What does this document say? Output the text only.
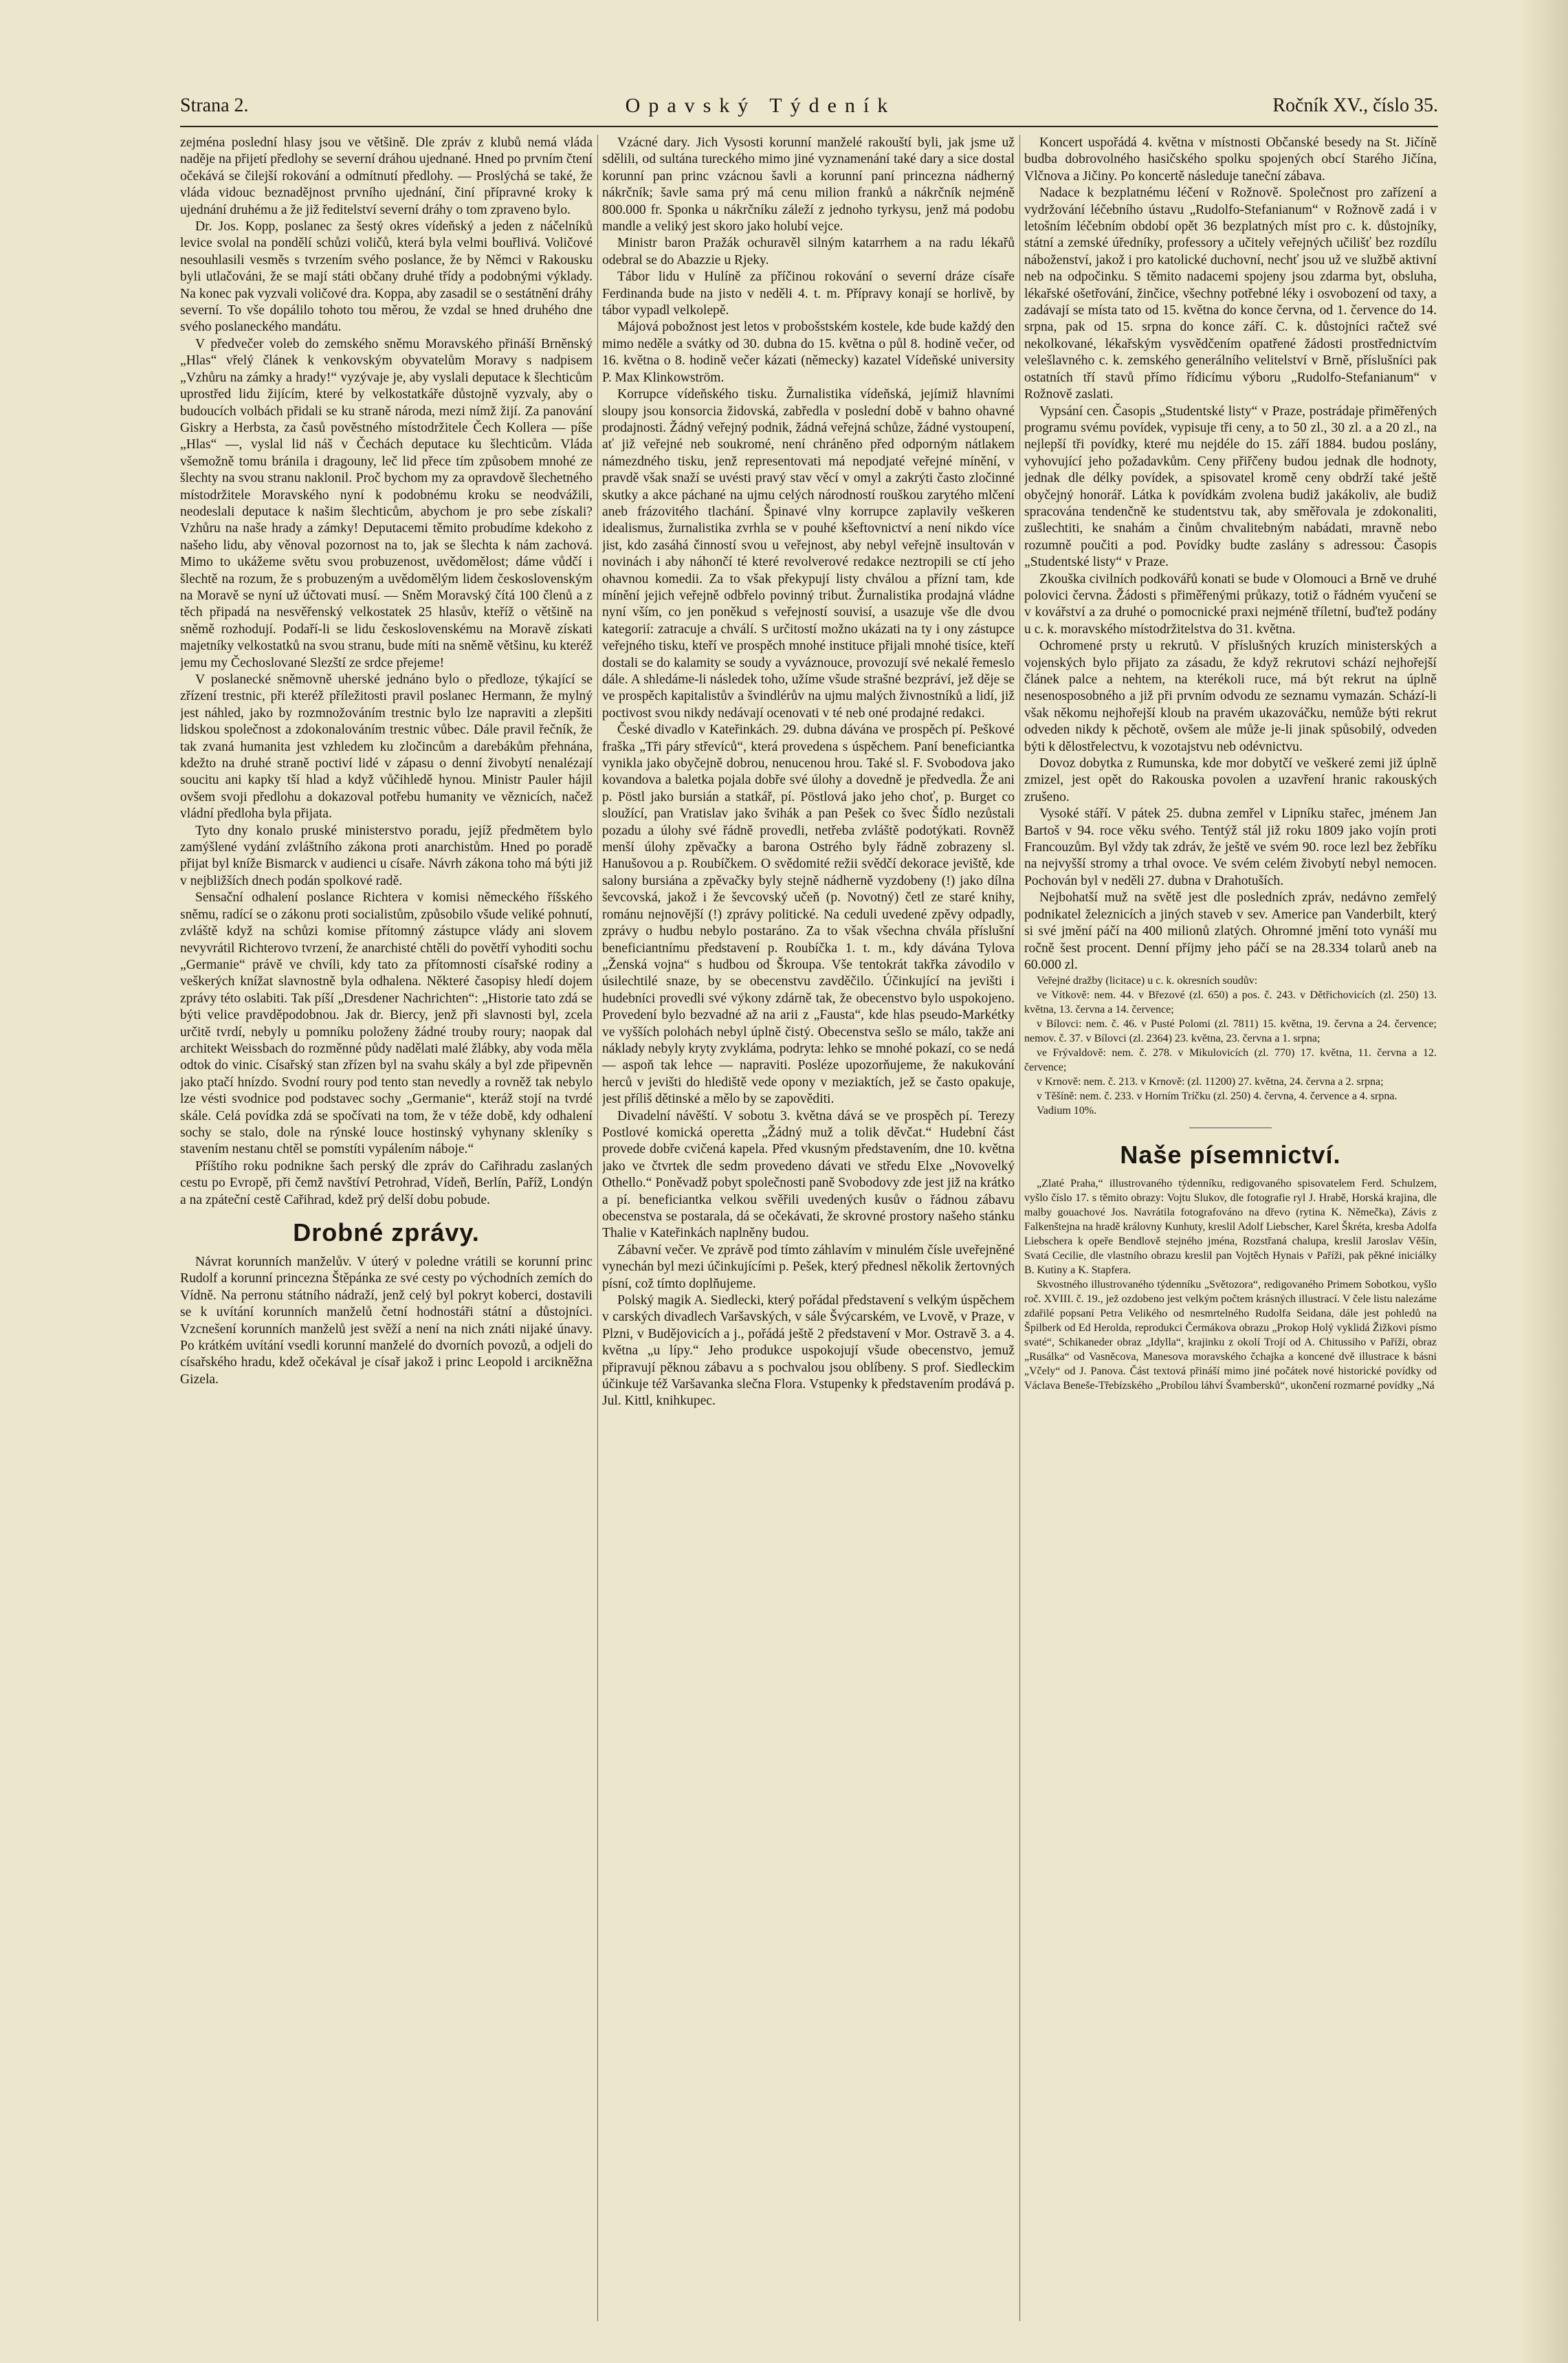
Strana 2.	Opavský Týdeník	Ročník XV., číslo 35.

zejména poslední hlasy jsou ve většině. Dle zpráv z klubů nemá vláda naděje na přijetí předlohy se severní dráhou ujednané. Hned po prvním čtení očekává se čilejší rokování a odmítnutí předlohy. — Proslýchá se také, že vláda vidouc beznadějnost prvního ujednání, činí přípravné kroky k ujednání druhému a že již ředitelství severní dráhy o tom zpraveno bylo.

Dr. Jos. Kopp, poslanec za šestý okres vídeňský a jeden z náčelníků levice svolal na pondělí schůzi voličů, která byla velmi bouřlivá. Voličové nesouhlasili vesměs s tvrzením svého poslance, že by Němci v Rakousku byli utlačováni, že se mají státi občany druhé třídy a podobnými výklady. Na konec pak vyzvali voličové dra. Koppa, aby zasadil se o sestátnění dráhy severní. To vše dopálilo tohoto tou měrou, že vzdal se hned druhého dne svého poslaneckého mandátu.

V předvečer voleb do zemského sněmu Moravského přináší Brněnský „Hlas“ vřelý článek k venkovským obyvatelům Moravy s nadpisem „Vzhůru na zámky a hrady!“ vyzývaje je, aby vyslali deputace k šlechticům uprostřed lidu žijícím, které by velkostatkáře důstojně vyzvaly, aby o budoucích volbách přidali se ku straně národa, mezi nímž žijí. Za panování Giskry a Herbsta, za časů pověstného místodržitele Čech Kollera — píše „Hlas“ —, vyslal lid náš v Čechách deputace ku šlechticům. Vláda všemožně tomu bránila i dragouny, leč lid přece tím způsobem mnohé ze šlechty na svou stranu naklonil. Proč bychom my za opravdově šlechetného místodržitele Moravského nyní k podobnému kroku se neodvážili, neodeslali deputace k našim šlechticům, abychom je pro sebe získali? Vzhůru na naše hrady a zámky! Deputacemi těmito probudíme kdekoho z našeho lidu, aby věnoval pozornost na to, jak se šlechta k nám zachová. Mimo to ukážeme světu svou probuzenost, uvědomělost; dáme vůdčí i šlechtě na rozum, že s probuzeným a uvědomělým lidem československým na Moravě se nyní už účtovati musí. — Sněm Moravský čítá 100 členů a z těch připadá na nesvěřenský velkostatek 25 hlasův, kteříž o většině na sněmě rozhodují. Podaří-li se lidu československému na Moravě získati majetníky velkostatků na svou stranu, bude míti na sněmě většinu, ku kteréž jemu my Čechoslované Slezští ze srdce přejeme!

V poslanecké sněmovně uherské jednáno bylo o předloze, týkající se zřízení trestnic, při kteréž příležitosti pravil poslanec Hermann, že mylný jest náhled, jako by rozmnožováním trestnic bylo lze napraviti a zlepšiti lidskou společnost a zdokonalováním trestnic vůbec. Dále pravil řečník, že tak zvaná humanita jest vzhledem ku zločincům a darebákům přehnána, kdežto na druhé straně poctiví lidé v zápasu o denní živobytí nenalézají soucitu ani kapky tší hlad a když vůčihledě hynou. Ministr Pauler hájil ovšem svoji předlohu a dokazoval potřebu humanity ve věznicích, načež vládní předloha byla přijata.

Tyto dny konalo pruské ministerstvo poradu, jejíž předmětem bylo zamýšlené vydání zvláštního zákona proti anarchistům. Hned po poradě přijat byl kníže Bismarck v audienci u císaře. Návrh zákona toho má býti již v nejbližších dnech podán spolkové radě.

Sensační odhalení poslance Richtera v komisi německého říšského sněmu, radící se o zákonu proti socialistům, způsobilo všude veliké pohnutí, zvláště když na schůzi komise přítomný zástupce vlády ani slovem nevyvrátil Richterovo tvrzení, že anarchisté chtěli do povětří vyhoditi sochu „Germanie“ právě ve chvíli, kdy tato za přítomnosti císařské rodiny a veškerých knížat slavnostně byla odhalena. Některé časopisy hledí dojem zprávy této oslabiti. Tak píší „Dresdener Nachrichten“: „Historie tato zdá se býti velice pravděpodobnou. Jak dr. Biercy, jenž při slavnosti byl, zcela určitě tvrdí, nebyly u pomníku položeny žádné trouby roury; naopak dal architekt Weissbach do rozměnné půdy nadělati malé žlábky, aby voda měla odtok do vinic. Císařský stan zřízen byl na svahu skály a byl zde připevněn jako ptačí hnízdo. Svodní roury pod tento stan nevedly a rovněž tak nebylo lze vésti svodnice pod podstavec sochy „Germanie“, kteráž stojí na tvrdé skále. Celá povídka zdá se spočívati na tom, že v téže době, kdy odhalení sochy se stalo, dole na rýnské louce hostinský vyhynany skleníky s stavením nestanu chtěl se pomstíti vypálením náboje.“

Příštího roku podnikne šach perský dle zpráv do Cařihradu zaslaných cestu po Evropě, při čemž navštíví Petrohrad, Vídeň, Berlín, Paříž, Londýn a na zpáteční cestě Cařihrad, kdež prý delší dobu pobude.

Drobné zprávy.

Návrat korunních manželův. V úterý v poledne vrátili se korunní princ Rudolf a korunní princezna Štěpánka ze své cesty po východních zemích do Vídně. Na perronu státního nádraží, jenž celý byl pokryt koberci, dostavili se k uvítání korunních manželů četní hodnostáři státní a důstojníci. Vzcnešení korunních manželů jest svěží a není na nich znáti nijaké únavy. Po krátkém uvítání vsedli korunní manželé do dvorních povozů, a odjeli do císařského hradu, kdež očekával je císař jakož i princ Leopold i arcikněžna Gizela.

Vzácné dary. Jich Vysosti korunní manželé rakouští byli, jak jsme už sdělili, od sultána tureckého mimo jiné vyznamenání také dary a sice dostal korunní pan princ vzácnou šavli a korunní paní princezna nádherný nákrčník; šavle sama prý má cenu milion franků a nákrčník nejméně 800.000 fr. Sponka u nákrčníku záleží z jednoho tyrkysu, jenž má podobu mandle a veliký jest skoro jako holubí vejce.

Ministr baron Pražák ochuravěl silným katarrhem a na radu lékařů odebral se do Abazzie u Rjeky.

Tábor lidu v Hulíně za příčinou rokování o severní dráze císaře Ferdinanda bude na jisto v neděli 4. t. m. Přípravy konají se horlivě, by tábor vypadl velkolepě.

Májová pobožnost jest letos v probošstském kostele, kde bude každý den mimo neděle a svátky od 30. dubna do 15. května o půl 8. hodině večer, od 16. května o 8. hodině večer kázati (německy) kazatel Vídeňské university P. Max Klinkowström.

Korrupce vídeňského tisku. Žurnalistika vídeňská, jejímiž hlavními sloupy jsou konsorcia židovská, zabředla v poslední době v bahno ohavné prodajnosti. Žádný veřejný podnik, žádná veřejná schůze, žádné vystoupení, ať již veřejné neb soukromé, není chráněno před odporným nátlakem námezdného tisku, jenž representovati má nepodjaté veřejné mínění, v pravdě však snaží se uvésti pravý stav věcí v omyl a zakrýti často zločinné skutky a akce páchané na ujmu celých národností rouškou zarytého mlčení aneb frázovitého tlachání. Špinavé vlny korrupce zaplavily veškeren idealismus, žurnalistika zvrhla se v pouhé kšeftovnictví a není nikdo více jist, kdo zasáhá činností svou u veřejnost, aby nebyl veřejně insultován v novinách i aby náhončí té které revolverové redakce neztropili se ctí jeho ohavnou komedii. Za to však překypují listy chválou a přízní tam, kde mínění jejich veřejně odbřelo povinný tribut. Žurnalistika prodajná vládne nyní vším, co jen poněkud s veřejností souvisí, a usazuje vše dle dvou kategorií: zatracuje a chválí. S určitostí možno ukázati na ty i ony zástupce veřejného tisku, kteří ve prospěch mnohé instituce přijali mnohé tisíce, kteří dostali se do kalamity se soudy a vyváznouce, provozují své nekalé řemeslo dále. A shledáme-li následek toho, užíme všude strašné bezpráví, jež děje se ve prospěch kapitalistův a švindlérův na ujmu malých živnostníků a lidí, již poctivost svou nikdy nedávají ocenovati v té neb oné prodajné redakci.

České divadlo v Kateřinkách. 29. dubna dávána ve prospěch pí. Peškové fraška „Tři páry střevíců“, která provedena s úspěchem. Paní beneficiantka vynikla jako obyčejně dobrou, nenucenou hrou. Také sl. F. Svobodova jako kovandova a baletka pojala dobře své úlohy a dovedně je předvedla. Že ani p. Pöstl jako bursián a statkář, pí. Pöstlová jako jeho choť, p. Burget co sloužící, pan Vratislav jako švihák a pan Pešek co švec Šídlo nezůstali pozadu a úlohy své řádně provedli, netřeba zvláště podotýkati. Rovněž menší úlohy zpěvačky a barona Ostrého byly řádně zobrazeny sl. Hanušovou a p. Roubíčkem. O svědomité režii svědčí dekorace jeviště, kde salony bursiána a zpěvačky byly stejně nádherně vyzdobeny (!) jako dílna ševcovská, jakož i že ševcovský učeň (p. Novotný) četl ze staré knihy, románu nejnovější (!) zprávy politické. Na ceduli uvedené zpěvy odpadly, zprávy o hudbu nebylo postaráno. Za to však všechna chvála příslušní beneficiantnímu představení p. Roubíčka 1. t. m., kdy dávána Tylova „Ženská vojna“ s hudbou od Škroupa. Vše tentokrát takřka závodilo v úsilechtilé snaze, by se obecenstvu zavděčilo. Účinkující na jevišti i hudebníci provedli své výkony zdárně tak, že obecenstvo bylo uspokojeno. Provedení bylo bezvadné až na arii z „Fausta“, kde hlas pseudo-Markétky ve vyšších polohách nebyl úplně čistý. Obecenstva sešlo se málo, takže ani náklady nebyly kryty zvykláma, podryta: lehko se mnohé pokazí, co se nedá — aspoň tak lehce — napraviti. Posléze upozorňujeme, že nakukování herců v jevišti do hlediště vede opony v meziaktích, jež se často opakuje, jest příliš dětinské a mělo by se zapověditi.

Divadelní návěští. V sobotu 3. května dává se ve prospěch pí. Terezy Postlové komická operetta „Žádný muž a tolik děvčat.“ Hudební část provede dobře cvičená kapela. Před vkusným představením, dne 10. května jako ve čtvrtek dle sedm provedeno dávati ve středu Elxe „Novovelký Othello.“ Poněvadž pobyt společnosti paně Svobodovy zde jest již na krátko a pí. beneficiantka velkou svěřili uvedených kusův o řádnou zábavu obecenstva se postarala, dá se očekávati, že skrovné prostory našeho stánku Thalie v Kateřinkách naplněny budou.

Zábavní večer. Ve zprávě pod tímto záhlavím v minulém čísle uveřejněné vynechán byl mezi účinkujícími p. Pešek, který přednesl několik žertovných písní, což tímto doplňujeme.

Polský magik A. Siedlecki, který pořádal představení s velkým úspěchem v carských divadlech Varšavských, v sále Švýcarském, ve Lvově, v Praze, v Plzni, v Budějovicích a j., pořádá ještě 2 představení v Mor. Ostravě 3. a 4. května „u lípy.“ Jeho produkce uspokojují všude obecenstvo, jemuž připravují pěknou zábavu a s pochvalou jsou oblíbeny. S prof. Siedleckim účinkuje též Varšavanka slečna Flora. Vstupenky k představením prodává p. Jul. Kittl, knihkupec.

Koncert uspořádá 4. května v místnosti Občanské besedy na St. Jičíně budba dobrovolného hasičského spolku spojených obcí Starého Jičína, Vlčnova a Jičiny. Po koncertě následuje taneční zábava.

Nadace k bezplatnému léčení v Rožnově. Společnost pro zařízení a vydržování léčebního ústavu „Rudolfo-Stefanianum“ v Rožnově zadá i v letošním léčebním období opět 36 bezplatných míst pro c. k. důstojníky, státní a zemské úředníky, professory a učitely veřejných učilišť bez rozdílu náboženství, jakož i pro katolické duchovní, nechť jsou už ve službě aktivní neb na odpočinku. S těmito nadacemi spojeny jsou zdarma byt, obsluha, lékařské ošetřování, žinčice, všechny potřebné léky i osvobození od taxy, a zadávají se místa tato od 15. května do konce června, od 1. července do 14. srpna, pak od 15. srpna do konce září. C. k. důstojníci račtež své nekolkované, lékařským vysvědčením opatřené žádosti prostřednictvím velešlavného c. k. zemského generálního velitelství v Brně, příslušníci pak ostatních tří stavů přímo řídicímu výboru „Rudolfo-Stefanianum“ v Rožnově zaslati.

Vypsání cen. Časopis „Studentské listy“ v Praze, postrádaje přiměřených programu svému povídek, vypisuje tři ceny, a to 50 zl., 30 zl. a a 20 zl., na nejlepší tři povídky, které mu nejdéle do 15. září 1884. budou poslány, vyhovující jeho požadavkům. Ceny přiřčeny budou jednak dle hodnoty, jednak dle délky povídek, a spisovatel kromě ceny obdrží také ještě obyčejný honorář. Látka k povídkám zvolena budiž jakákoliv, ale budiž spracována tendenčně ke studentstvu tak, aby směřovala je zdokonaliti, zušlechtiti, ke snahám a činům chvalitebným nabádati, mravně nebo rozumně poučiti a pod. Povídky budte zaslány s adressou: Časopis „Studentské listy“ v Praze.

Zkouška civilních podkovářů konati se bude v Olomouci a Brně ve druhé polovici června. Žádosti s přiměřenými průkazy, totiž o řádném vyučení se v kovářství a za druhé o pomocnické praxi nejméně tříletní, buďtež podány u c. k. moravského místodržitelstva do 31. května.

Ochromené prsty u rekrutů. V příslušných kruzích ministerských a vojenských bylo přijato za zásadu, že když rekrutovi schází nejhořejší článek palce a nehtem, na kterékoli ruce, má být rekrut na úplně nesenosposobného a již při prvním odvodu ze seznamu vymazán. Schází-li však někomu nejhořejší kloub na pravém ukazováčku, nemůže býti rekrut odveden nikdy k pěchotě, ovšem ale může je-li jinak spůsobilý, odveden býti k dělostřelectvu, k vozotajstvu neb odévnictvu.

Dovoz dobytka z Rumunska, kde mor dobytčí ve veškeré zemi již úplně zmizel, jest opět do Rakouska povolen a uzavření hranic rakouských zrušeno.

Vysoké stáří. V pátek 25. dubna zemřel v Lipníku stařec, jménem Jan Bartoš v 94. roce věku svého. Tentýž stál již roku 1809 jako vojín proti Francouzům. Byl vždy tak zdráv, že ještě ve svém 90. roce lezl bez žebříku na nejvyšší stromy a trhal ovoce. Ve svém celém živobytí nebyl nemocen. Pochován byl v neděli 27. dubna v Drahotuších.

Nejbohatší muž na světě jest dle posledních zpráv, nedávno zemřelý podnikatel železnicích a jiných staveb v sev. Americe pan Vanderbilt, který si své jmění páčí na 400 milionů zlatých. Ohromné jmění toto vynáší mu ročně šest procent. Denní příjmy jeho páčí se na 28.334 tolarů aneb na 60.000 zl.

Veřejné dražby (licitace) u c. k. okresních soudův:

ve Vítkově: nem. 44. v Březové (zl. 650) a pos. č. 243. v Dětřichovicích (zl. 250) 13. května, 13. června a 14. července;

v Bílovci: nem. č. 46. v Pusté Polomi (zl. 7811) 15. května, 19. června a 24. července; nemov. č. 37. v Bílovci (zl. 2364) 23. května, 23. června a 1. srpna;

ve Frývaldově: nem. č. 278. v Mikulovicích (zl. 770) 17. května, 11. června a 12. července;

v Krnově: nem. č. 213. v Krnově: (zl. 11200) 27. května, 24. června a 2. srpna;

v Těšíně: nem. č. 233. v Horním Tríčku (zl. 250) 4. června, 4. července a 4. srpna.

Vadium 10%.

Naše písemnictví.

„Zlaté Praha,“ illustrovaného týdenníku, redigovaného spisovatelem Ferd. Schulzem, vyšlo číslo 17. s těmito obrazy: Vojtu Slukov, dle fotografie ryl J. Hrabě, Horská krajina, dle malby gouachové Jos. Navrátila fotografováno na dřevo (rytina K. Němečka), Závis z Falkenštejna na hradě královny Kunhuty, kreslil Adolf Liebscher, Karel Škréta, kresba Adolfa Liebschera k opeře Bendlově stejného jména, Rozstřaná chalupa, kreslil Jaroslav Věšín, Svatá Cecilie, dle vlastního obrazu kreslil pan Vojtěch Hynais v Paříži, pak pěkné iniciálky B. Kutiny a K. Stapfera.

Skvostného illustrovaného týdenníku „Světozora“, redigovaného Primem Sobotkou, vyšlo roč. XVIII. č. 19., jež ozdobeno jest velkým počtem krásných illustrací. V čele listu nalezáme zdařilé popsaní Petra Velikého od nesmrtelného Rudolfa Seidana, dále jest pohledů na Špilberk od Ed Herolda, reprodukci Čermákova obrazu „Prokop Holý vyklidá Žižkovi písmo svaté“, Schikaneder obraz „Idylla“, krajinku z okolí Trojí od A. Chitussiho v Paříži, obraz „Rusálka“ od Vasněcova, Manesova moravského čchajka a koncené dvě illustrace k básni „Včely“ od J. Panova. Část textová přináší mimo jiné počátek nové historické povídky od Václava Beneše-Třebízského „Probílou láhví Švambersků“, ukončení rozmarné povídky „Ná
